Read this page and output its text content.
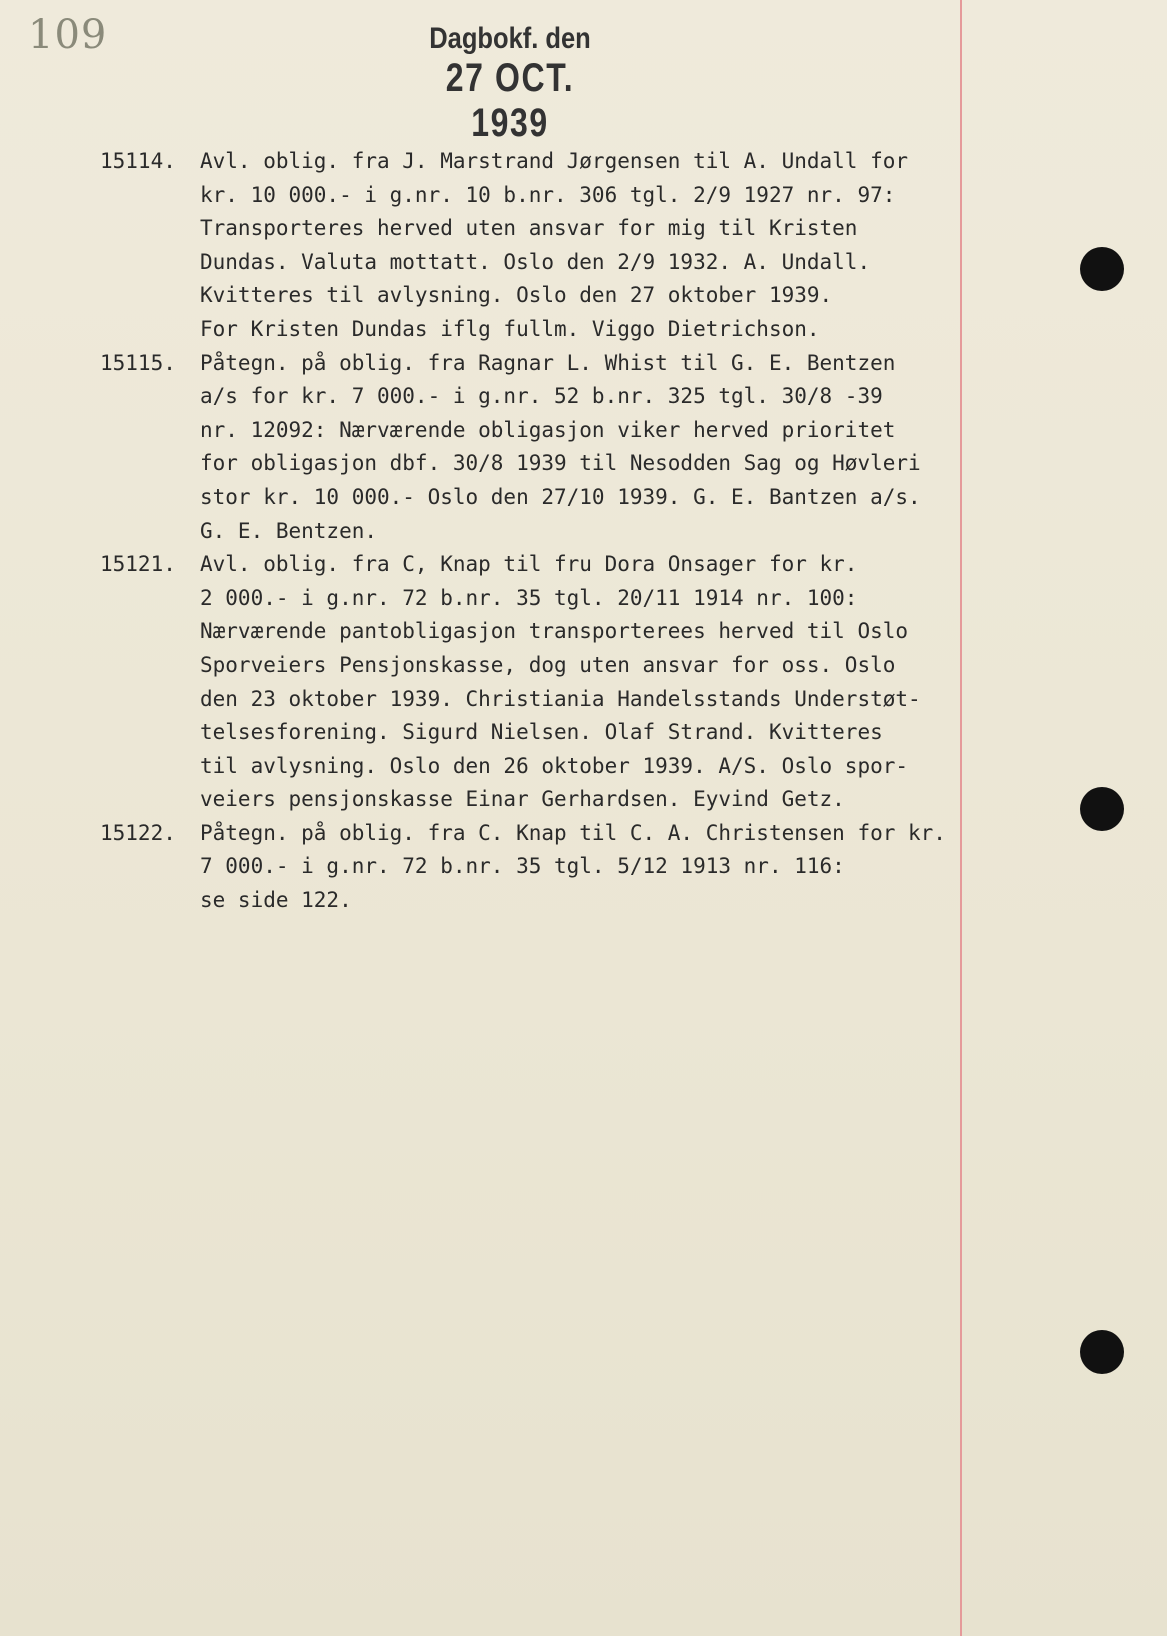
109	Dagbokf. den
27 OCT. 1939
15114.	Avl. oblig. fra J. Marstrand Jørgensen til A. Undall for
kr. 10 000.- i g.nr. 10 b.nr. 306 tgl. 2/9 1927 nr. 97:
Transporteres herved uten ansvar for mig til Kristen
Dundas. Valuta mottatt. Oslo den 2/9 1932. A. Undall.
Kvitteres til avlysning. Oslo den 27 oktober 1939.
For Kristen Dundas iflg fullm. Viggo Dietrichson.
15115.	Påtegn. på oblig. fra Ragnar L. Whist til G. E. Bentzen
a/s for kr. 7 000.- i g.nr. 52 b.nr. 325 tgl. 30/8 -39
nr. 12092: Nærværende obligasjon viker herved prioritet
for obligasjon dbf. 30/8 1939 til Nesodden Sag og Høvleri
stor kr. 10 000.- Oslo den 27/10 1939. G. E. Bantzen a/s.
G. E. Bentzen.
15121.	Avl. oblig. fra C, Knap til fru Dora Onsager for kr.
2 000.- i g.nr. 72 b.nr. 35 tgl. 20/11 1914 nr. 100:
Nærværende pantobligasjon transporterees herved til Oslo
Sporveiers Pensjonskasse, dog uten ansvar for oss. Oslo
den 23 oktober 1939. Christiania Handelsstands Understøt-
telsesforening. Sigurd Nielsen. Olaf Strand. Kvitteres
til avlysning. Oslo den 26 oktober 1939. A/S. Oslo spor-
veiers pensjonskasse Einar Gerhardsen. Eyvind Getz.
15122.	Påtegn. på oblig. fra C. Knap til C. A. Christensen for kr.
7 000.- i g.nr. 72 b.nr. 35 tgl. 5/12 1913 nr. 116:
se side 122.
